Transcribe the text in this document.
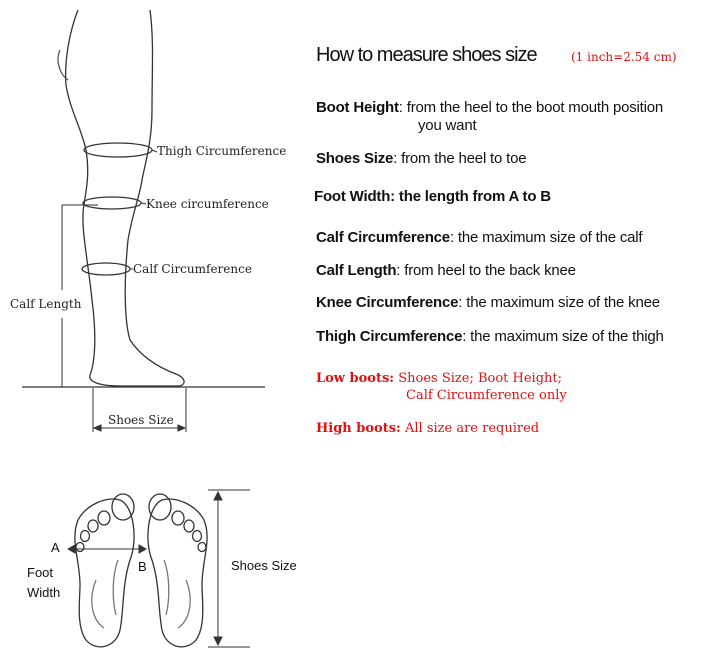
Thigh Circumference
Knee circumference
Calf Circumference
Calf Length
Shoes Size
A
B
Foot
Width
Shoes Size
How to measure shoes size	(1 inch=2.54 cm)
Boot Height: from the heel to the boot mouth position
you want
Shoes Size: from the heel to toe
Foot Width: the length from A to B
Calf Circumference: the maximum size of the calf
Calf Length: from heel to the back knee
Knee Circumference: the maximum size of the knee
Thigh Circumference: the maximum size of the thigh
Low boots: Shoes Size; Boot Height;
Calf Circumference only
High boots: All size are required
